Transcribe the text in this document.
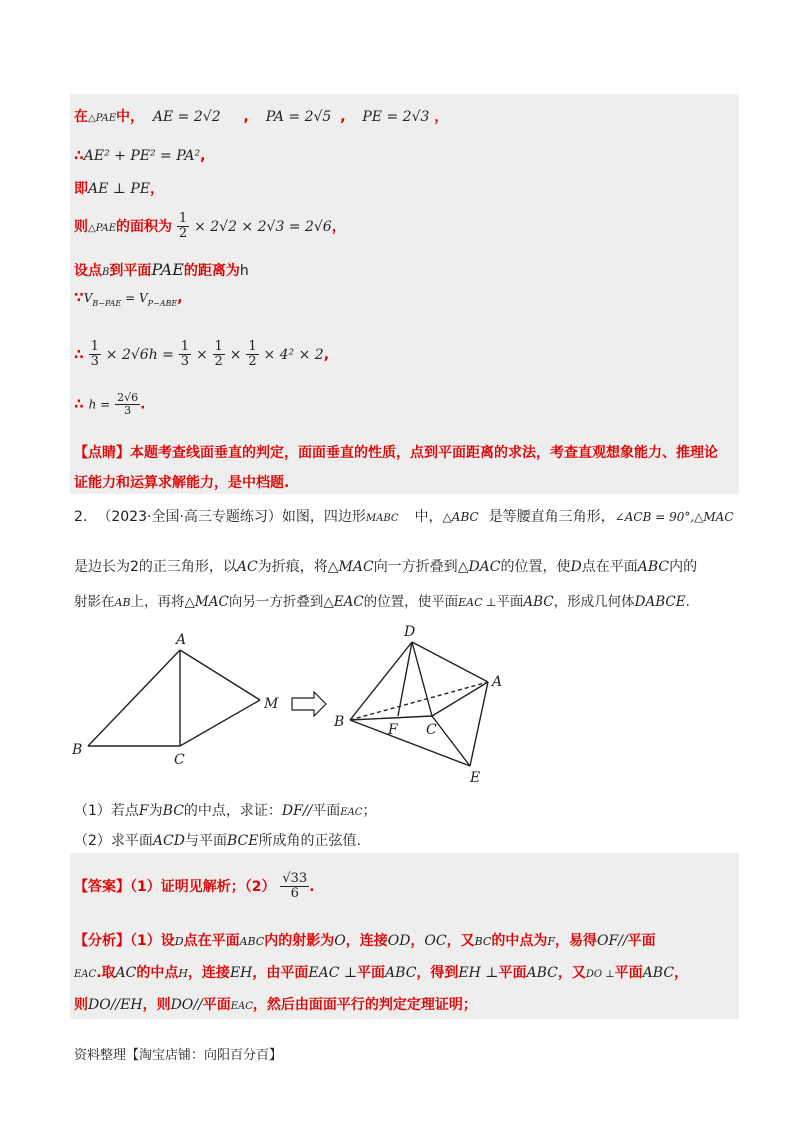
在△PAE中， AE = 2√2 , PA = 2√5 , PE = 2√3 ，
∴AE² + PE² = PA²,
即AE ⊥ PE，
则△PAE的面积为 $\frac{1}{2} \times 2√2 \times 2√3 = 2√6$，
设点B到平面PAE的距离为h
$\because V_{B-PAE} = V_{P-ABE}$,
∴ $\frac{1}{3} \times 2√6h = \frac{1}{3} \times \frac{1}{2} \times \frac{1}{2} \times 4^2 \times 2$,
∴ $h = \frac{2√6}{3}$ .
【点睛】本题考查线面垂直的判定，面面垂直的性质，点到平面距离的求法，考查直观想象能力、推理论
证能力和运算求解能力，是中档题.
2. （2023·全国·高三专题练习）如图，四边形MABC 中，△ABC 是等腰直角三角形，∠ACB = 90°,△MAC
是边长为2的正三角形，以AC为折痕，将△MAC向一方折叠到△DAC的位置，使D点在平面ABC内的
射影在AB上，再将△MAC向另一方折叠到△EAC的位置，使平面EAC ⊥平面ABC，形成几何体DABCE.
A
B
C
M
D
A
B	F C
E
（1）若点F为BC的中点，求证：DF//平面EAC；
（2）求平面ACD与平面BCE所成角的正弦值.
【答案】（1）证明见解析；$(2) \frac{√33}{6}$ .
【分析】（1）设D点在平面ABC内的射影为O，连接OD，OC，又BC的中点为F，易得OF//平面
EAC.取AC的中点H，连接EH，由平面EAC ⊥平面ABC，得到EH ⊥平面ABC，又DO ⊥平面ABC，
则DO//EH，则DO//平面EAC，然后由面面平行的判定定理证明；
资料整理【淘宝店铺：向阳百分百】
